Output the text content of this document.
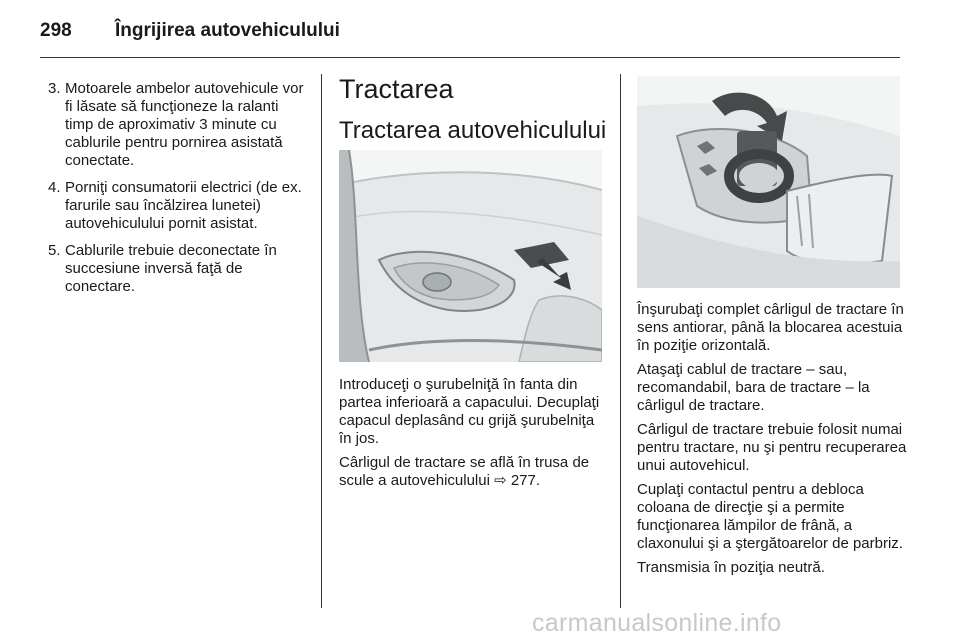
298 Îngrijirea autovehiculului
3. Motoarele ambelor autovehicule vor fi lăsate să funcţioneze la ralanti timp de aproximativ 3 minute cu cablurile pentru pornirea asistată conectate.
4. Porniţi consumatorii electrici (de ex. farurile sau încălzirea lunetei) autovehiculului pornit asistat.
5. Cablurile trebuie deconectate în succesiune inversă faţă de conectare.
Tractarea
Tractarea autovehiculului

Introduceţi o şurubelniţă în fanta din partea inferioară a capacului. Decuplaţi capacul deplasând cu grijă şurubelniţa în jos.

Cârligul de tractare se află în trusa de scule a autovehiculului ⇨ 277.

Înşurubaţi complet cârligul de tractare în sens antiorar, până la blocarea acestuia în poziţie orizontală.

Ataşaţi cablul de tractare – sau, recomandabil, bara de tractare – la cârligul de tractare.

Cârligul de tractare trebuie folosit numai pentru tractare, nu şi pentru recuperarea unui autovehicul.

Cuplaţi contactul pentru a debloca coloana de direcţie şi a permite funcţionarea lămpilor de frână, a claxonului şi a ştergătoarelor de parbriz.

Transmisia în poziţia neutră.

carmanualsonline.info
